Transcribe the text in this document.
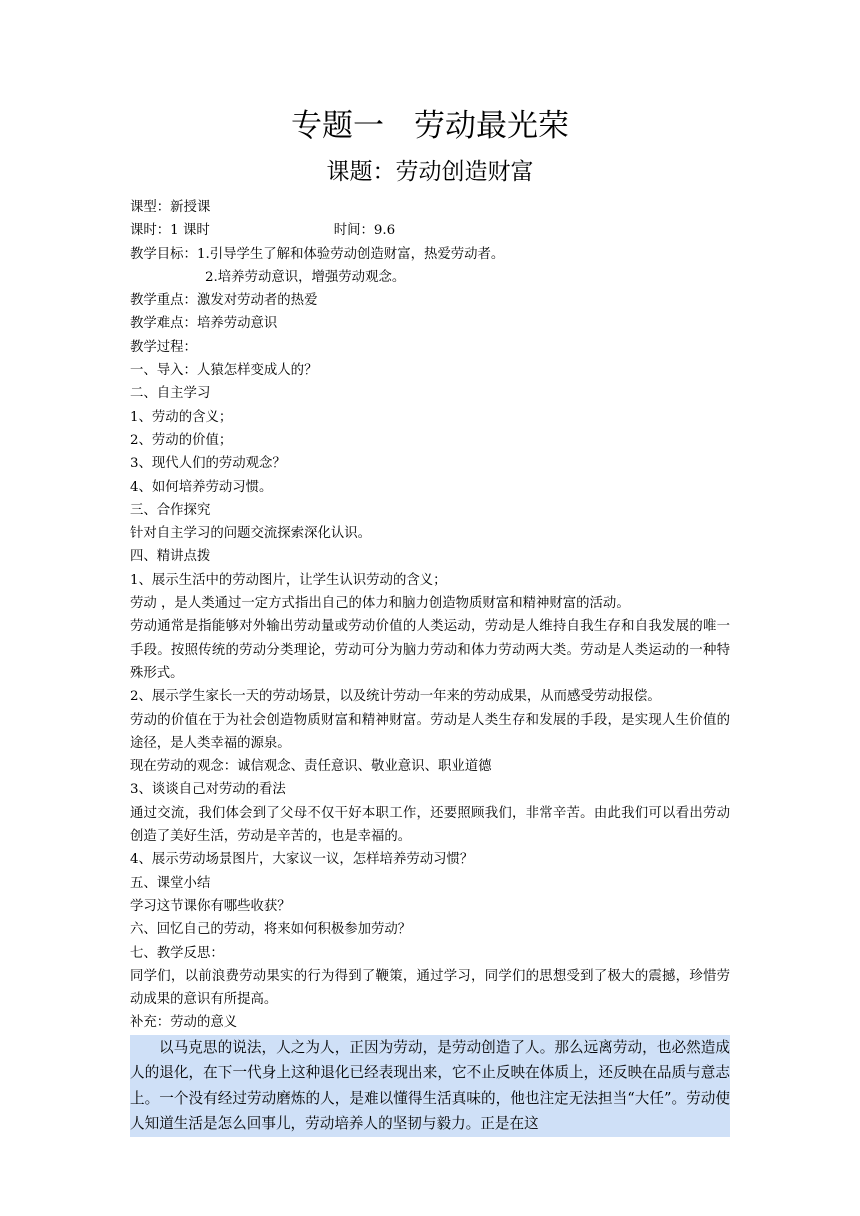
专题一 劳动最光荣
课题：劳动创造财富
课型：新授课
课时：1 课时	时间：9.6
教学目标：1.引导学生了解和体验劳动创造财富，热爱劳动者。
2.培养劳动意识，增强劳动观念。
教学重点：激发对劳动者的热爱
教学难点：培养劳动意识
教学过程：
一、导入：人猿怎样变成人的？
二、自主学习
1、劳动的含义；
2、劳动的价值；
3、现代人们的劳动观念？
4、如何培养劳动习惯。
三、合作探究
针对自主学习的问题交流探索深化认识。
四、精讲点拨
1、展示生活中的劳动图片，让学生认识劳动的含义；
劳动 ，是人类通过一定方式指出自己的体力和脑力创造物质财富和精神财富的活动。
劳动通常是指能够对外输出劳动量或劳动价值的人类运动，劳动是人维持自我生存和自我发展的唯一手段。按照传统的劳动分类理论，劳动可分为脑力劳动和体力劳动两大类。劳动是人类运动的一种特殊形式。
2、展示学生家长一天的劳动场景，以及统计劳动一年来的劳动成果，从而感受劳动报偿。
劳动的价值在于为社会创造物质财富和精神财富。劳动是人类生存和发展的手段，是实现人生价值的途径，是人类幸福的源泉。
现在劳动的观念：诚信观念、责任意识、敬业意识、职业道德
3、谈谈自己对劳动的看法
通过交流，我们体会到了父母不仅干好本职工作，还要照顾我们，非常辛苦。由此我们可以看出劳动创造了美好生活，劳动是辛苦的，也是幸福的。
4、展示劳动场景图片，大家议一议，怎样培养劳动习惯？
五、课堂小结
学习这节课你有哪些收获？
六、回忆自己的劳动，将来如何积极参加劳动？
七、教学反思：
同学们，以前浪费劳动果实的行为得到了鞭策，通过学习，同学们的思想受到了极大的震撼，珍惜劳动成果的意识有所提高。
补充：劳动的意义
以马克思的说法，人之为人，正因为劳动，是劳动创造了人。那么远离劳动，也必然造成人的退化，在下一代身上这种退化已经表现出来，它不止反映在体质上，还反映在品质与意志上。一个没有经过劳动磨炼的人，是难以懂得生活真味的，他也注定无法担当“大任”。劳动使人知道生活是怎么回事儿，劳动培养人的坚韧与毅力。正是在这
